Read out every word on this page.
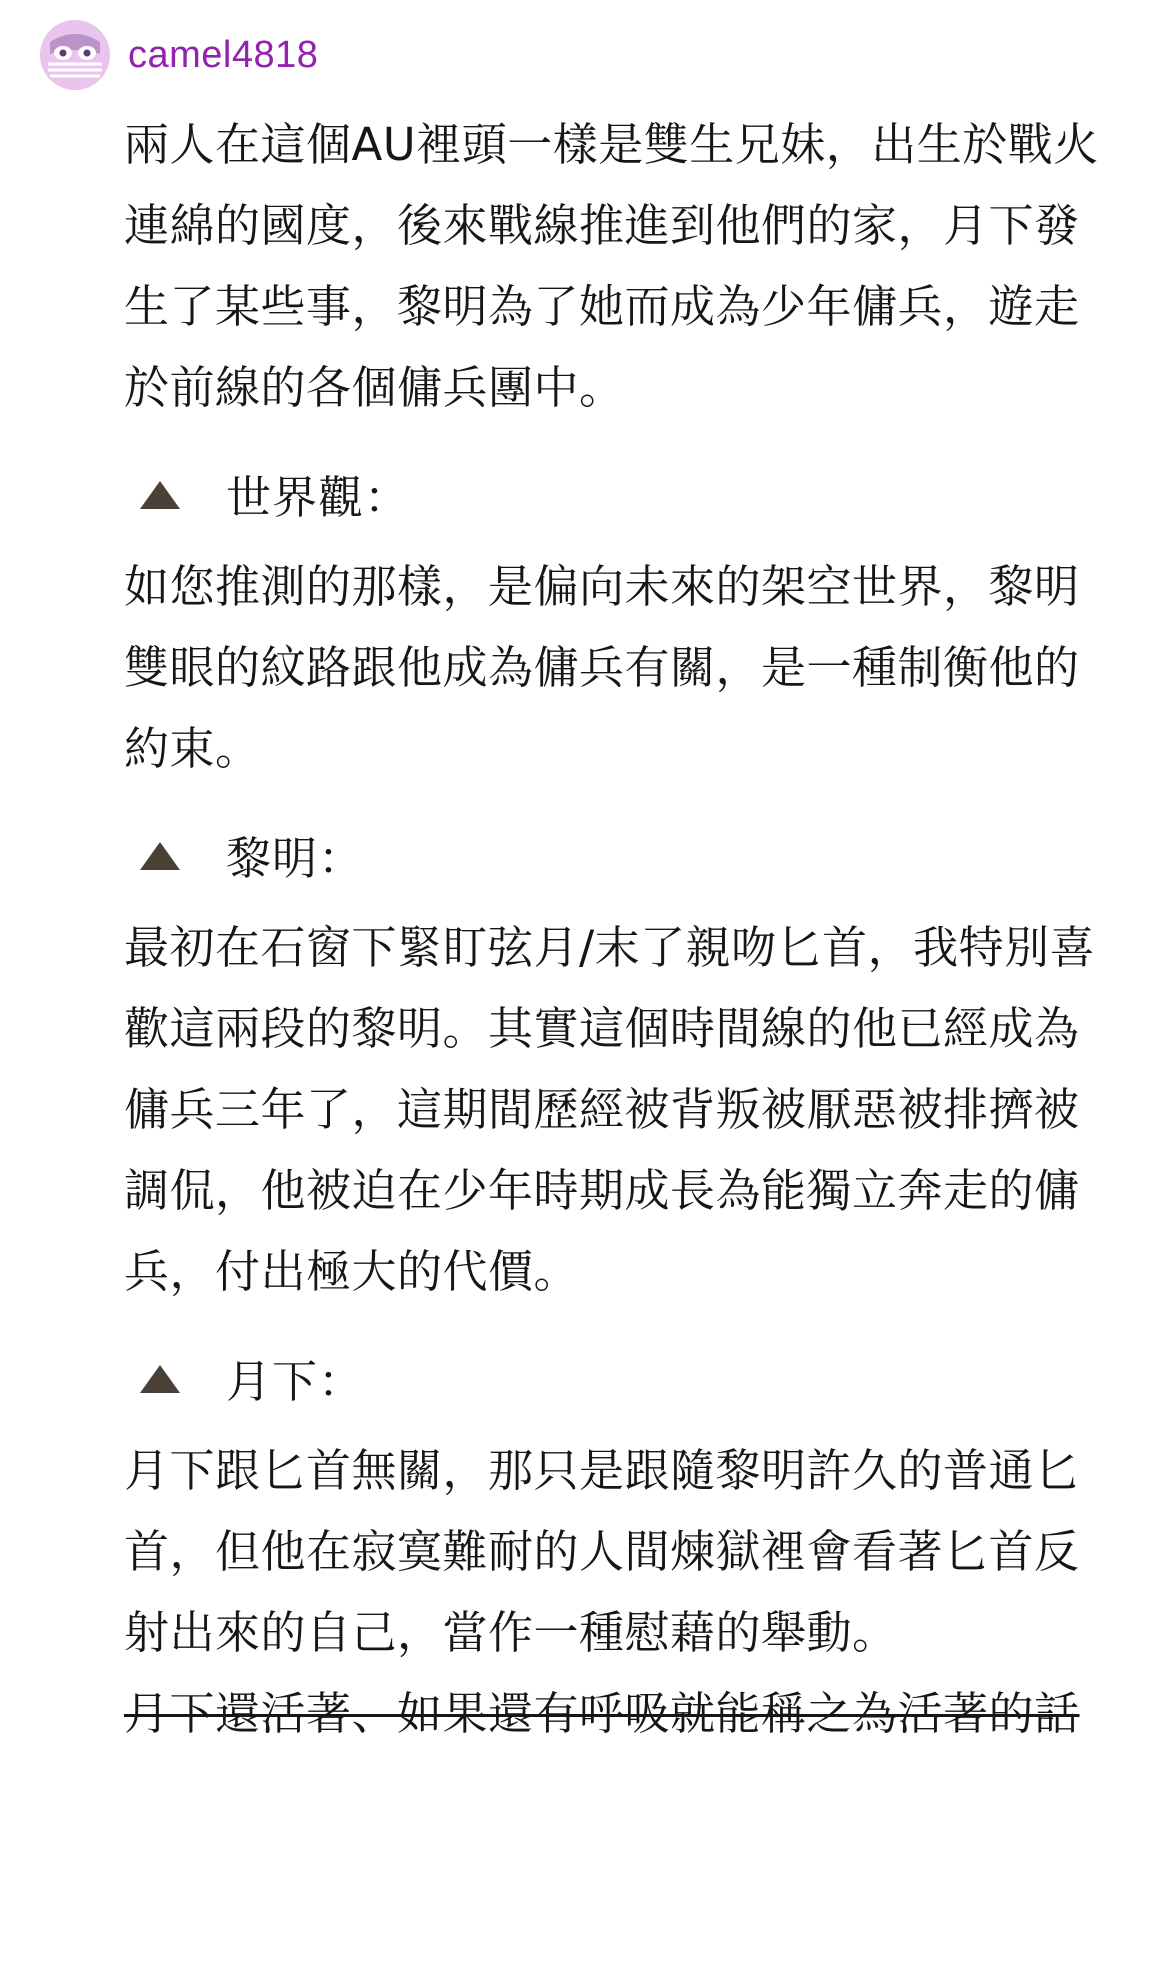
camel4818

兩人在這個AU裡頭一樣是雙生兄妹，出生於戰火連綿的國度，後來戰線推進到他們的家，月下發生了某些事，黎明為了她而成為少年傭兵，遊走於前線的各個傭兵團中。

世界觀：

如您推測的那樣，是偏向未來的架空世界，黎明雙眼的紋路跟他成為傭兵有關，是一種制衡他的約束。

黎明：

最初在石窗下緊盯弦月/末了親吻匕首，我特別喜歡這兩段的黎明。其實這個時間線的他已經成為傭兵三年了，這期間歷經被背叛被厭惡被排擠被調侃，他被迫在少年時期成長為能獨立奔走的傭兵，付出極大的代價。

月下：

月下跟匕首無關，那只是跟隨黎明許久的普通匕首，但他在寂寞難耐的人間煉獄裡會看著匕首反射出來的自己，當作一種慰藉的舉動。

月下還活著、如果還有呼吸就能稱之為活著的話
